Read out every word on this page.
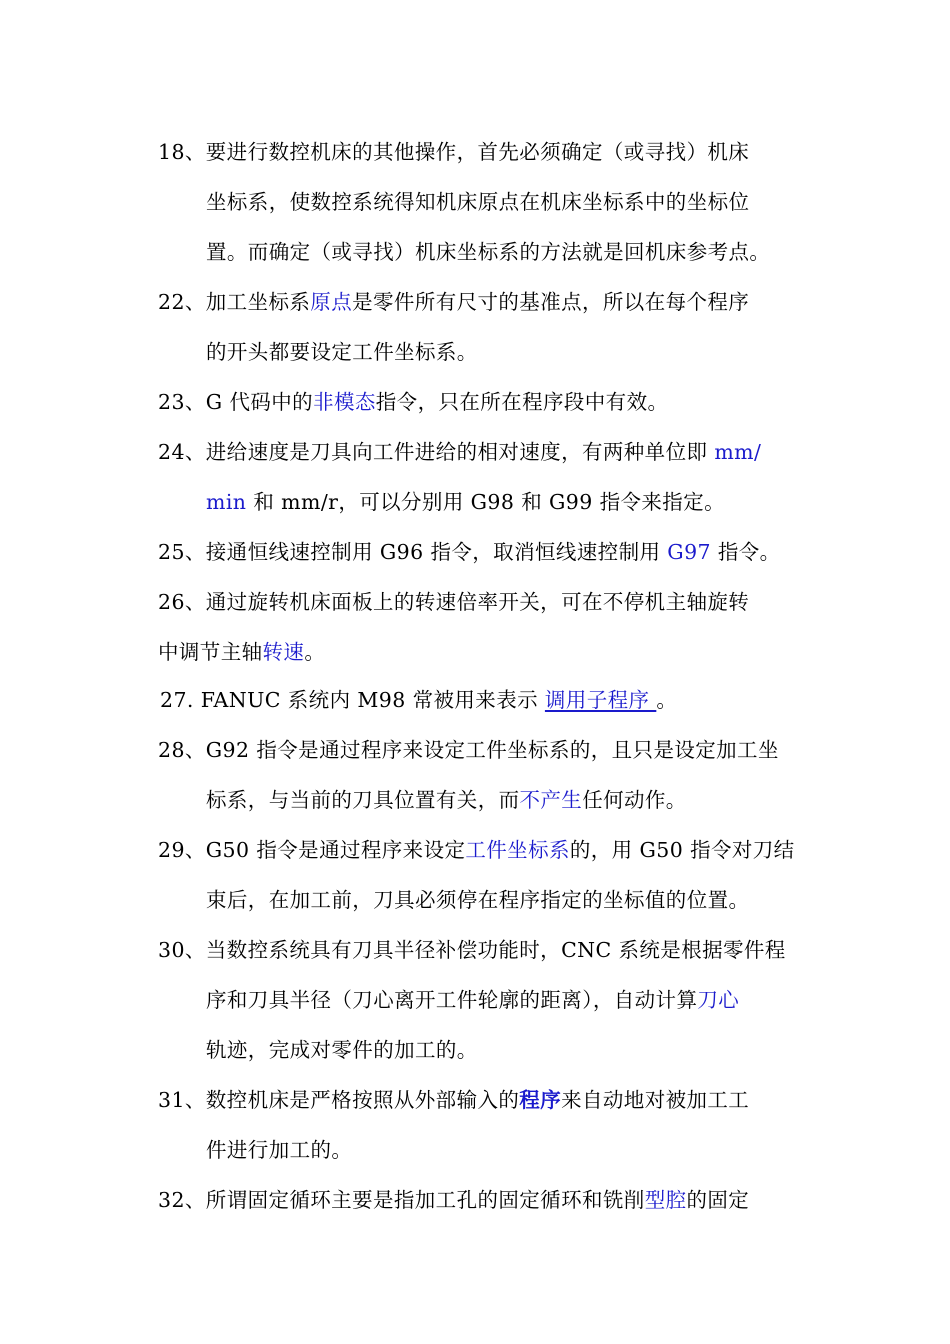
18、要进行数控机床的其他操作，首先必须确定（或寻找）机床
坐标系，使数控系统得知机床原点在机床坐标系中的坐标位
置。而确定（或寻找）机床坐标系的方法就是回机床参考点。
22、加工坐标系原点是零件所有尺寸的基准点，所以在每个程序
的开头都要设定工件坐标系。
23、G 代码中的非模态指令，只在所在程序段中有效。
24、进给速度是刀具向工件进给的相对速度，有两种单位即 mm/
min 和 mm/r，可以分别用 G98 和 G99 指令来指定。
25、接通恒线速控制用 G96 指令，取消恒线速控制用 G97 指令。
26、通过旋转机床面板上的转速倍率开关，可在不停机主轴旋转
中调节主轴转速。
27. FANUC 系统内 M98 常被用来表示 调用子程序 。
28、G92 指令是通过程序来设定工件坐标系的，且只是设定加工坐
标系，与当前的刀具位置有关，而不产生任何动作。
29、G50 指令是通过程序来设定工件坐标系的，用 G50 指令对刀结
束后，在加工前，刀具必须停在程序指定的坐标值的位置。
30、当数控系统具有刀具半径补偿功能时，CNC 系统是根据零件程
序和刀具半径（刀心离开工件轮廓的距离），自动计算刀心
轨迹，完成对零件的加工的。
31、数控机床是严格按照从外部输入的程序来自动地对被加工工
件进行加工的。
32、所谓固定循环主要是指加工孔的固定循环和铣削型腔的固定
